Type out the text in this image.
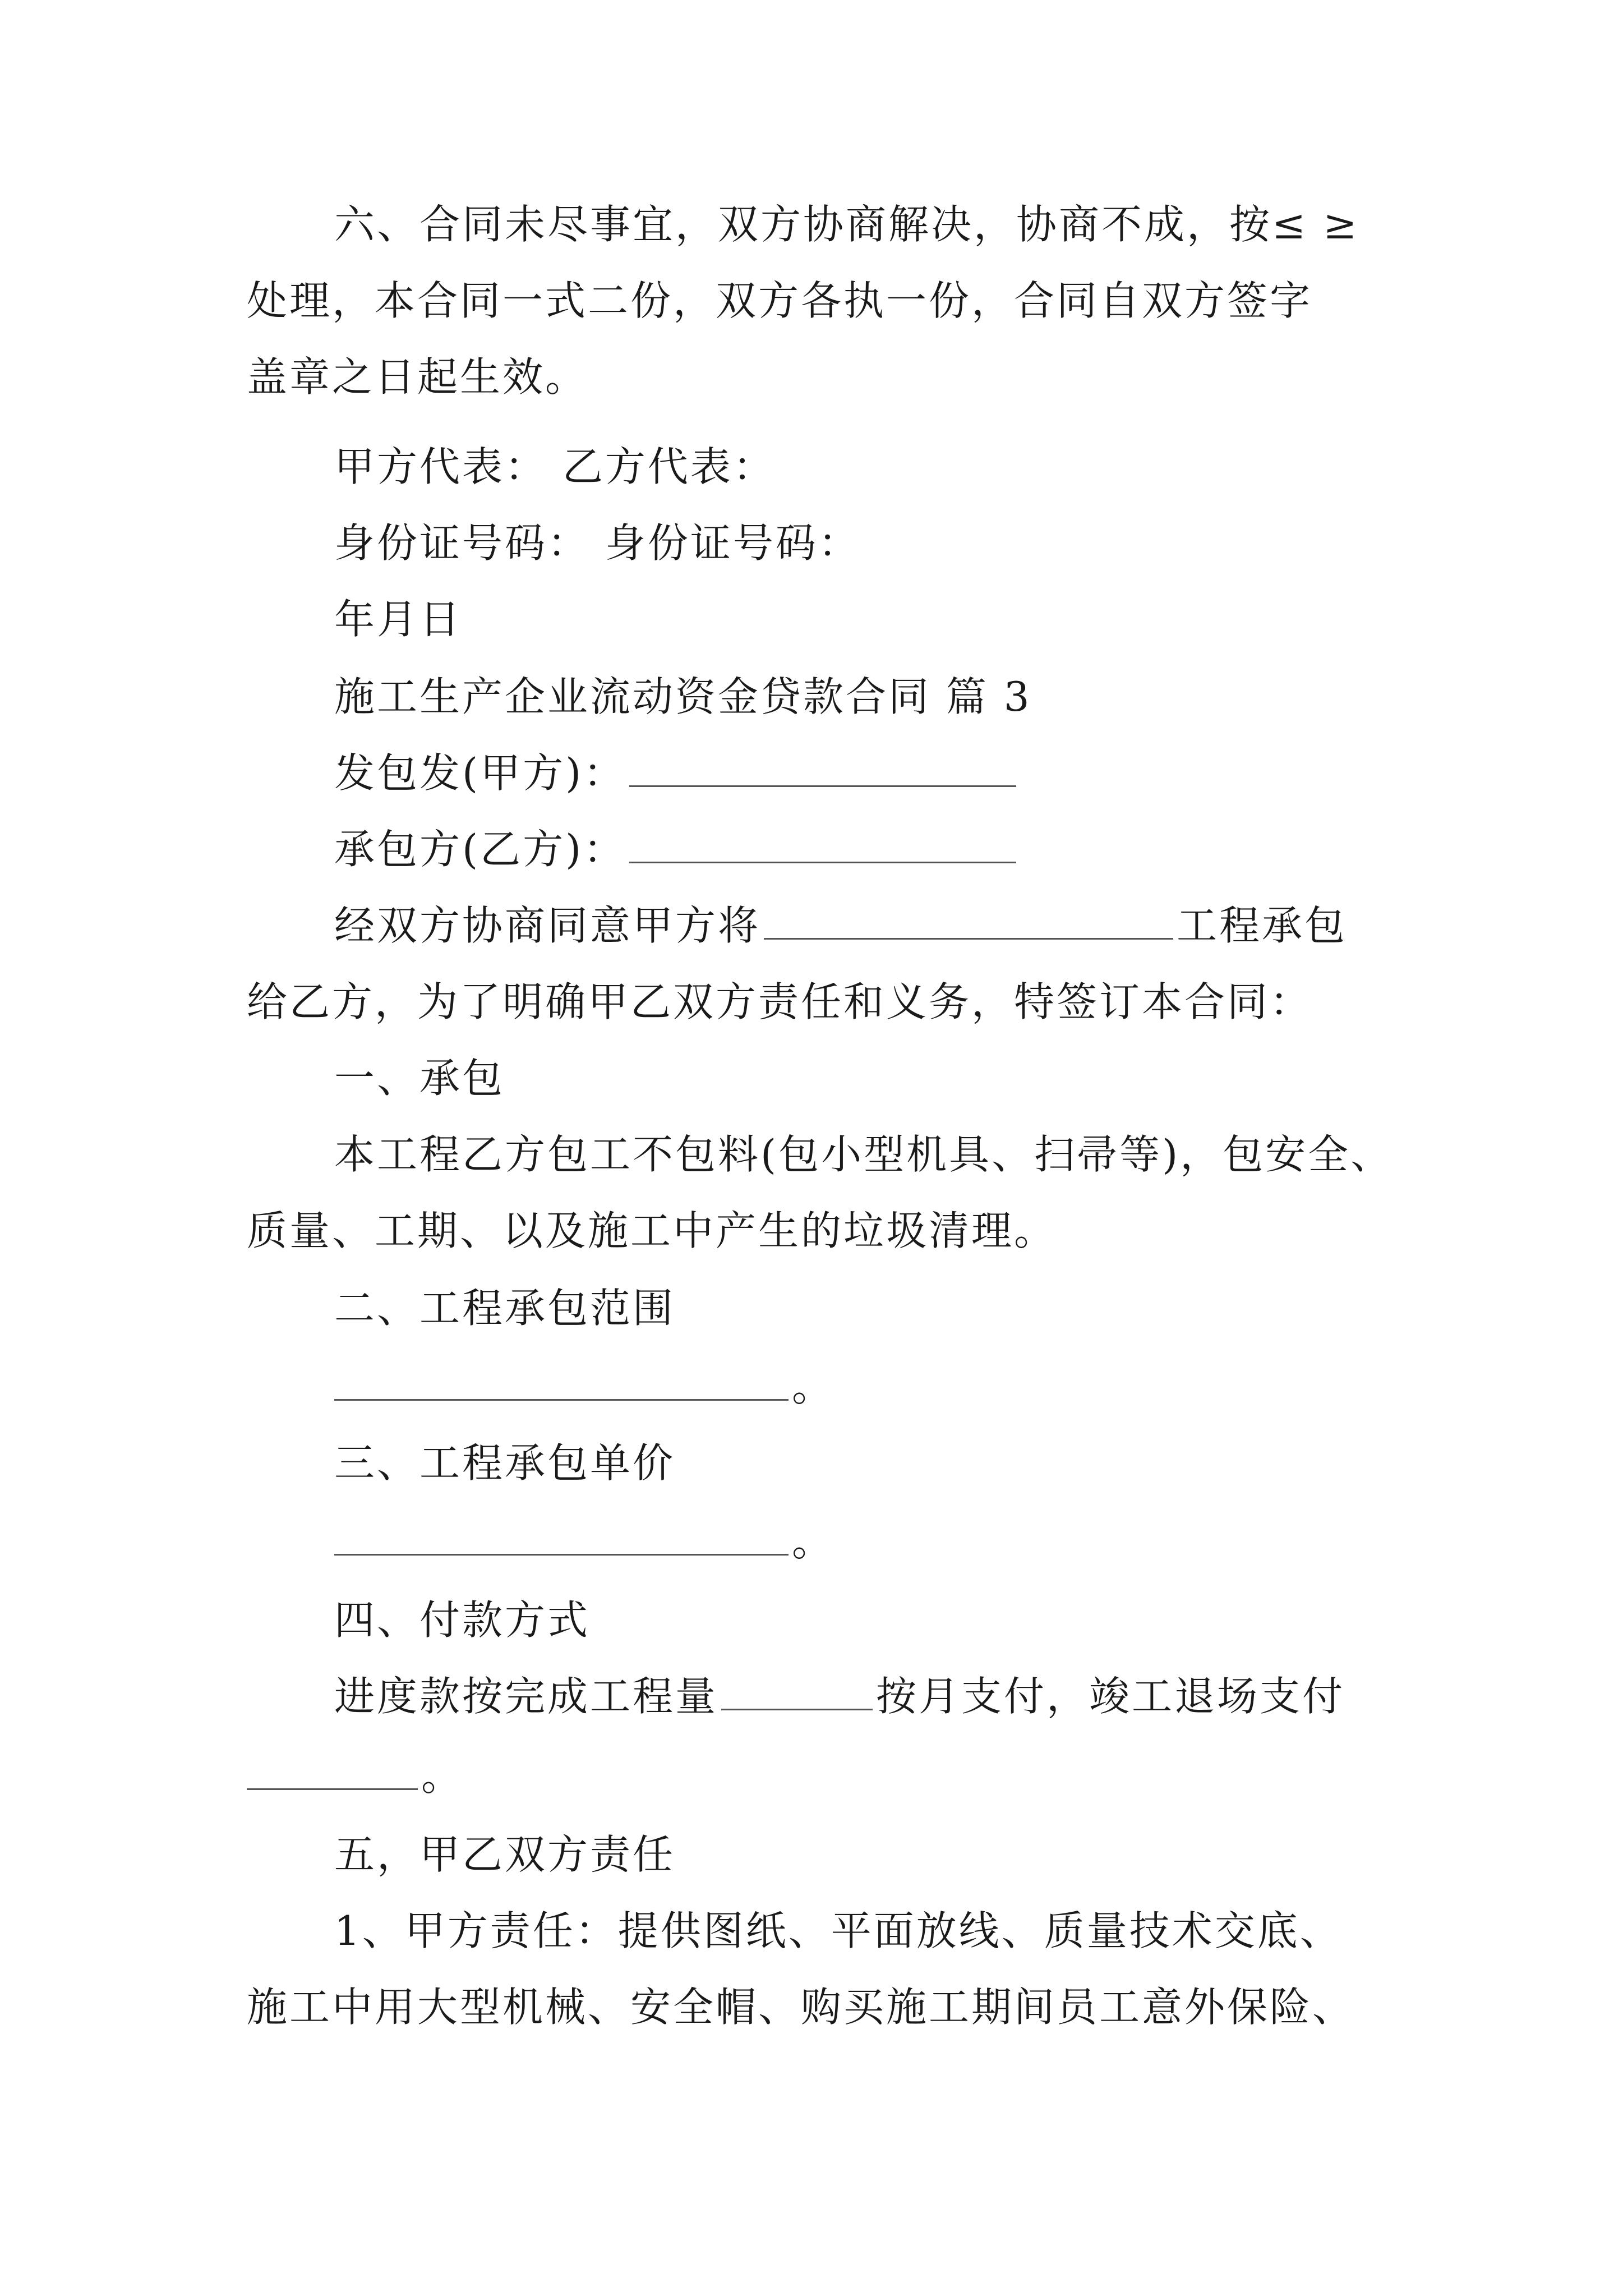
六、合同未尽事宜，双方协商解决，协商不成，按≤ ≥
处理，本合同一式二份，双方各执一份，合同自双方签字
盖章之日起生效。
甲方代表： 乙方代表：
身份证号码： 身份证号码：
年月日
施工生产企业流动资金贷款合同 篇 3
发包发(甲方)：
承包方(乙方)：
经双方协商同意甲方将	工程承包
给乙方，为了明确甲乙双方责任和义务，特签订本合同：
一、承包
本工程乙方包工不包料(包小型机具、扫帚等)，包安全、
质量、工期、以及施工中产生的垃圾清理。
二、工程承包范围
。
三、工程承包单价
。
四、付款方式
进度款按完成工程量	按月支付，竣工退场支付
。
五，甲乙双方责任
1、甲方责任：提供图纸、平面放线、质量技术交底、
施工中用大型机械、安全帽、购买施工期间员工意外保险、
